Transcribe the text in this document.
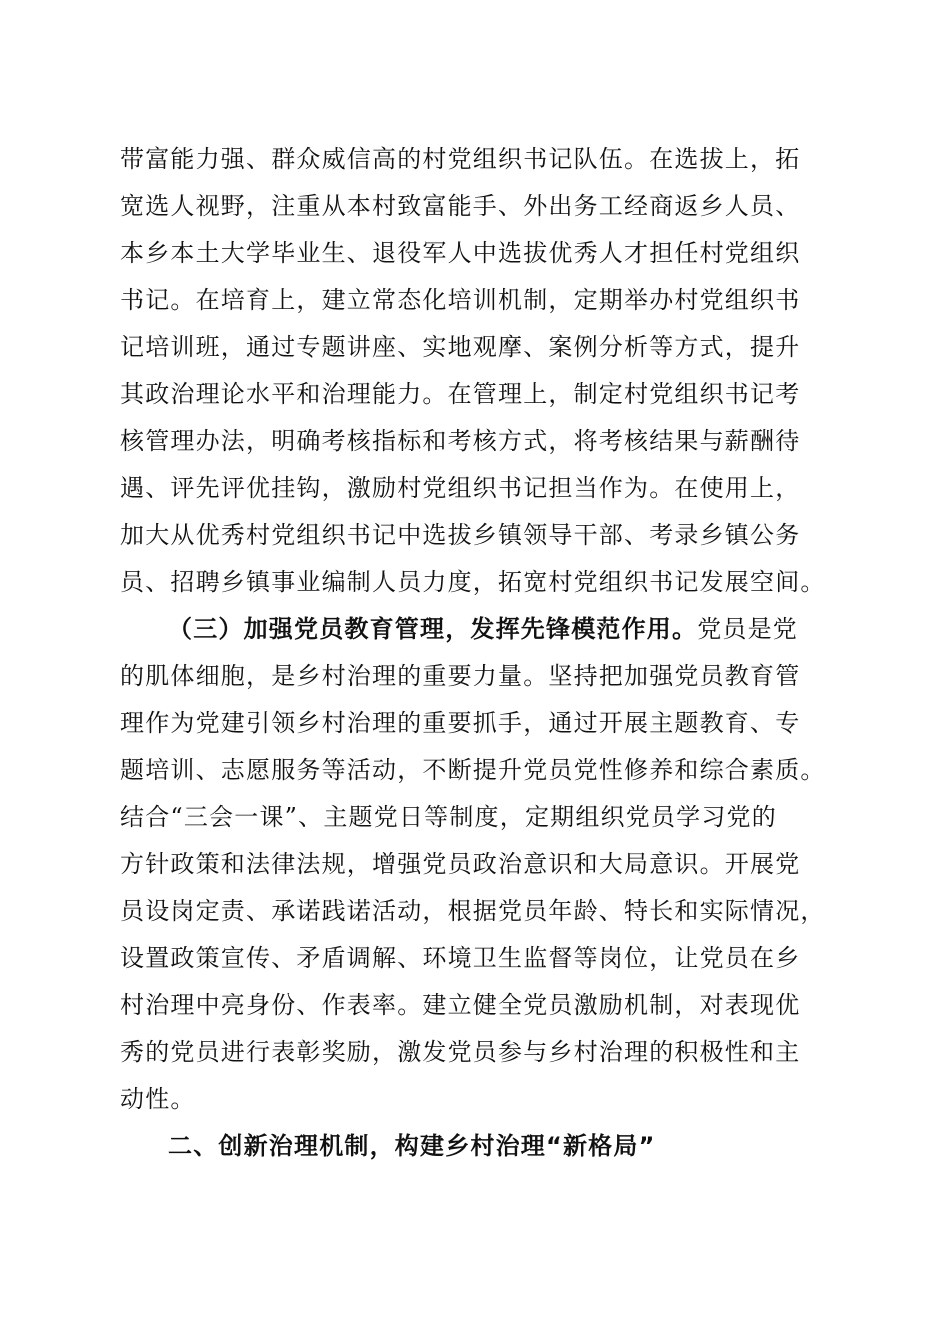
带富能力强、群众威信高的村党组织书记队伍。在选拔上，拓
宽选人视野，注重从本村致富能手、外出务工经商返乡人员、
本乡本土大学毕业生、退役军人中选拔优秀人才担任村党组织
书记。在培育上，建立常态化培训机制，定期举办村党组织书
记培训班，通过专题讲座、实地观摩、案例分析等方式，提升
其政治理论水平和治理能力。在管理上，制定村党组织书记考
核管理办法，明确考核指标和考核方式，将考核结果与薪酬待
遇、评先评优挂钩，激励村党组织书记担当作为。在使用上，
加大从优秀村党组织书记中选拔乡镇领导干部、考录乡镇公务
员、招聘乡镇事业编制人员力度，拓宽村党组织书记发展空间。
（三）加强党员教育管理，发挥先锋模范作用。党员是党
的肌体细胞，是乡村治理的重要力量。坚持把加强党员教育管
理作为党建引领乡村治理的重要抓手，通过开展主题教育、专
题培训、志愿服务等活动，不断提升党员党性修养和综合素质。
结合“三会一课”、主题党日等制度，定期组织党员学习党的
方针政策和法律法规，增强党员政治意识和大局意识。开展党
员设岗定责、承诺践诺活动，根据党员年龄、特长和实际情况，
设置政策宣传、矛盾调解、环境卫生监督等岗位，让党员在乡
村治理中亮身份、作表率。建立健全党员激励机制，对表现优
秀的党员进行表彰奖励，激发党员参与乡村治理的积极性和主
动性。
二、创新治理机制，构建乡村治理“新格局”
